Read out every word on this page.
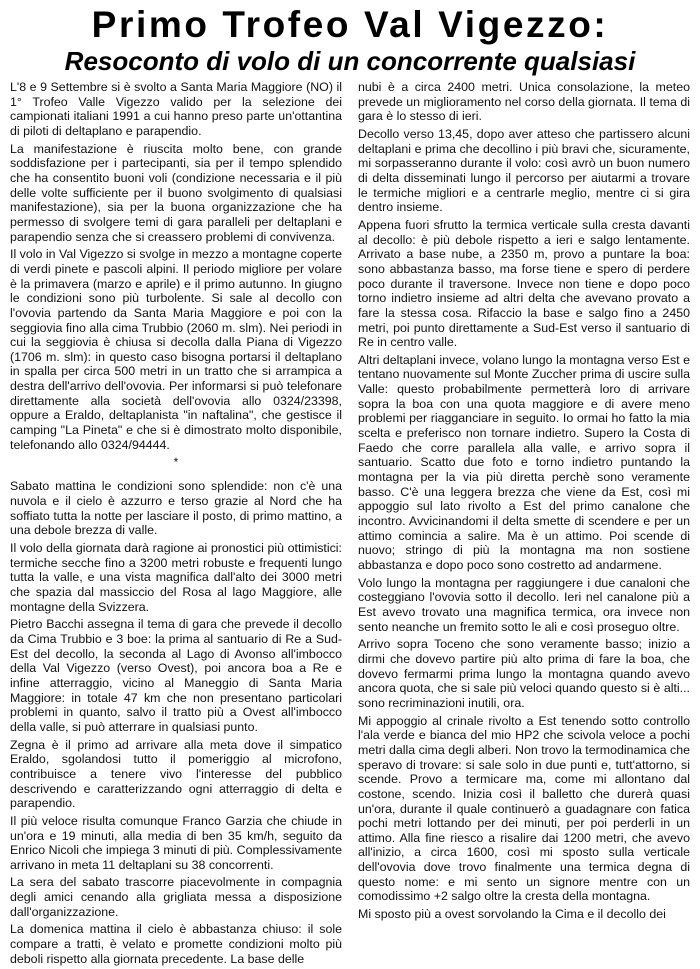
Primo Trofeo Val Vigezzo:
Resoconto di volo di un concorrente qualsiasi

L'8 e 9 Settembre si è svolto a Santa Maria Maggiore (NO) il 1° Trofeo Valle Vigezzo valido per la selezione dei campionati italiani 1991 a cui hanno preso parte un'ottantina di piloti di deltaplano e parapendio.

La manifestazione è riuscita molto bene, con grande soddisfazione per i partecipanti, sia per il tempo splendido che ha consentito buoni voli (condizione necessaria e il più delle volte sufficiente per il buono svolgimento di qualsiasi manifestazione), sia per la buona organizzazione che ha permesso di svolgere temi di gara paralleli per deltaplani e parapendio senza che si creassero problemi di convivenza.

Il volo in Val Vigezzo si svolge in mezzo a montagne coperte di verdi pinete e pascoli alpini. Il periodo migliore per volare è la primavera (marzo e aprile) e il primo autunno. In giugno le condizioni sono più turbolente. Si sale al decollo con l'ovovia partendo da Santa Maria Maggiore e poi con la seggiovia fino alla cima Trubbio (2060 m. slm). Nei periodi in cui la seggiovia è chiusa si decolla dalla Piana di Vigezzo (1706 m. slm): in questo caso bisogna portarsi il deltaplano in spalla per circa 500 metri in un tratto che si arrampica a destra dell'arrivo dell'ovovia. Per informarsi si può telefonare direttamente alla società dell'ovovia allo 0324/23398, oppure a Eraldo, deltaplanista "in naftalina", che gestisce il camping "La Pineta" e che si è dimostrato molto disponibile, telefonando allo 0324/94444.

*

Sabato mattina le condizioni sono splendide: non c'è una nuvola e il cielo è azzurro e terso grazie al Nord che ha soffiato tutta la notte per lasciare il posto, di primo mattino, a una debole brezza di valle.

Il volo della giornata darà ragione ai pronostici più ottimistici: termiche secche fino a 3200 metri robuste e frequenti lungo tutta la valle, e una vista magnifica dall'alto dei 3000 metri che spazia dal massiccio del Rosa al lago Maggiore, alle montagne della Svizzera.

Pietro Bacchi assegna il tema di gara che prevede il decollo da Cima Trubbio e 3 boe: la prima al santuario di Re a Sud-Est del decollo, la seconda al Lago di Avonso all'imbocco della Val Vigezzo (verso Ovest), poi ancora boa a Re e infine atterraggio, vicino al Maneggio di Santa Maria Maggiore: in totale 47 km che non presentano particolari problemi in quanto, salvo il tratto più a Ovest all'imbocco della valle, si può atterrare in qualsiasi punto.

Zegna è il primo ad arrivare alla meta dove il simpatico Eraldo, sgolandosi tutto il pomeriggio al microfono, contribuisce a tenere vivo l'interesse del pubblico descrivendo e caratterizzando ogni atterraggio di delta e parapendio.

Il più veloce risulta comunque Franco Garzia che chiude in un'ora e 19 minuti, alla media di ben 35 km/h, seguito da Enrico Nicoli che impiega 3 minuti di più. Complessivamente arrivano in meta 11 deltaplani su 38 concorrenti.

La sera del sabato trascorre piacevolmente in compagnia degli amici cenando alla grigliata messa a disposizione dall'organizzazione.

La domenica mattina il cielo è abbastanza chiuso: il sole compare a tratti, è velato e promette condizioni molto più deboli rispetto alla giornata precedente. La base delle

nubi è a circa 2400 metri. Unica consolazione, la meteo prevede un miglioramento nel corso della giornata. Il tema di gara è lo stesso di ieri.

Decollo verso 13,45, dopo aver atteso che partissero alcuni deltaplani e prima che decollino i più bravi che, sicuramente, mi sorpasseranno durante il volo: così avrò un buon numero di delta disseminati lungo il percorso per aiutarmi a trovare le termiche migliori e a centrarle meglio, mentre ci si gira dentro insieme.

Appena fuori sfrutto la termica verticale sulla cresta davanti al decollo: è più debole rispetto a ieri e salgo lentamente. Arrivato a base nube, a 2350 m, provo a puntare la boa: sono abbastanza basso, ma forse tiene e spero di perdere poco durante il traversone. Invece non tiene e dopo poco torno indietro insieme ad altri delta che avevano provato a fare la stessa cosa. Rifaccio la base e salgo fino a 2450 metri, poi punto direttamente a Sud-Est verso il santuario di Re in centro valle.

Altri deltaplani invece, volano lungo la montagna verso Est e tentano nuovamente sul Monte Zuccher prima di uscire sulla Valle: questo probabilmente permetterà loro di arrivare sopra la boa con una quota maggiore e di avere meno problemi per riagganciare in seguito. Io ormai ho fatto la mia scelta e preferisco non tornare indietro. Supero la Costa di Faedo che corre parallela alla valle, e arrivo sopra il santuario. Scatto due foto e torno indietro puntando la montagna per la via più diretta perchè sono veramente basso. C'è una leggera brezza che viene da Est, così mi appoggio sul lato rivolto a Est del primo canalone che incontro. Avvicinandomi il delta smette di scendere e per un attimo comincia a salire. Ma è un attimo. Poi scende di nuovo; stringo di più la montagna ma non sostiene abbastanza e dopo poco sono costretto ad andarmene.

Volo lungo la montagna per raggiungere i due canaloni che costeggiano l'ovovia sotto il decollo. Ieri nel canalone più a Est avevo trovato una magnifica termica, ora invece non sento neanche un fremito sotto le ali e così proseguo oltre.

Arrivo sopra Toceno che sono veramente basso; inizio a dirmi che dovevo partire più alto prima di fare la boa, che dovevo fermarmi prima lungo la montagna quando avevo ancora quota, che si sale più veloci quando questo si è alti... sono recriminazioni inutili, ora.

Mi appoggio al crinale rivolto a Est tenendo sotto controllo l'ala verde e bianca del mio HP2 che scivola veloce a pochi metri dalla cima degli alberi. Non trovo la termodinamica che speravo di trovare: si sale solo in due punti e, tutt'attorno, si scende. Provo a termicare ma, come mi allontano dal costone, scendo. Inizia così il balletto che durerà quasi un'ora, durante il quale continuerò a guadagnare con fatica pochi metri lottando per dei minuti, per poi perderli in un attimo. Alla fine riesco a risalire dai 1200 metri, che avevo all'inizio, a circa 1600, così mi sposto sulla verticale dell'ovovia dove trovo finalmente una termica degna di questo nome: e mi sento un signore mentre con un comodissimo +2 salgo oltre la cresta della montagna.

Mi sposto più a ovest sorvolando la Cima e il decollo dei
